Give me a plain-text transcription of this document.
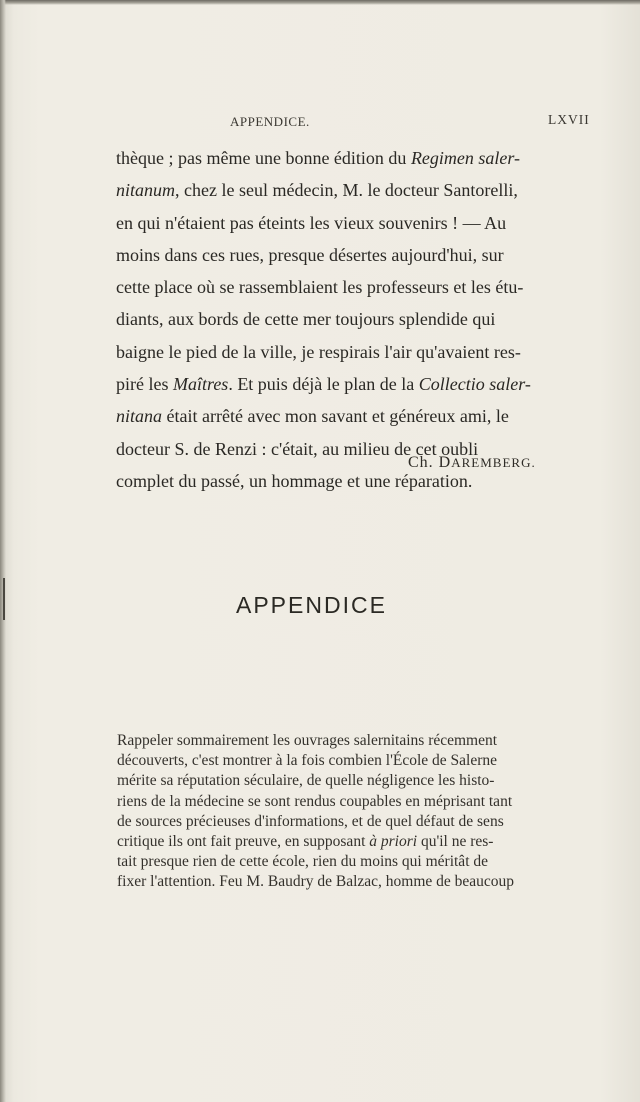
APPENDICE.	LXVII
thèque ; pas même une bonne édition du Regimen saler-
nitanum, chez le seul médecin, M. le docteur Santorelli,
en qui n'étaient pas éteints les vieux souvenirs ! — Au
moins dans ces rues, presque désertes aujourd'hui, sur
cette place où se rassemblaient les professeurs et les étu-
diants, aux bords de cette mer toujours splendide qui
baigne le pied de la ville, je respirais l'air qu'avaient res-
piré les Maîtres. Et puis déjà le plan de la Collectio saler-
nitana était arrêté avec mon savant et généreux ami, le
docteur S. de Renzi : c'était, au milieu de cet oubli
complet du passé, un hommage et une réparation.
Ch. DAREMBERG.
APPENDICE
Rappeler sommairement les ouvrages salernitains récemment
découverts, c'est montrer à la fois combien l'École de Salerne
mérite sa réputation séculaire, de quelle négligence les histo-
riens de la médecine se sont rendus coupables en méprisant tant
de sources précieuses d'informations, et de quel défaut de sens
critique ils ont fait preuve, en supposant à priori qu'il ne res-
tait presque rien de cette école, rien du moins qui méritât de
fixer l'attention. Feu M. Baudry de Balzac, homme de beaucoup
